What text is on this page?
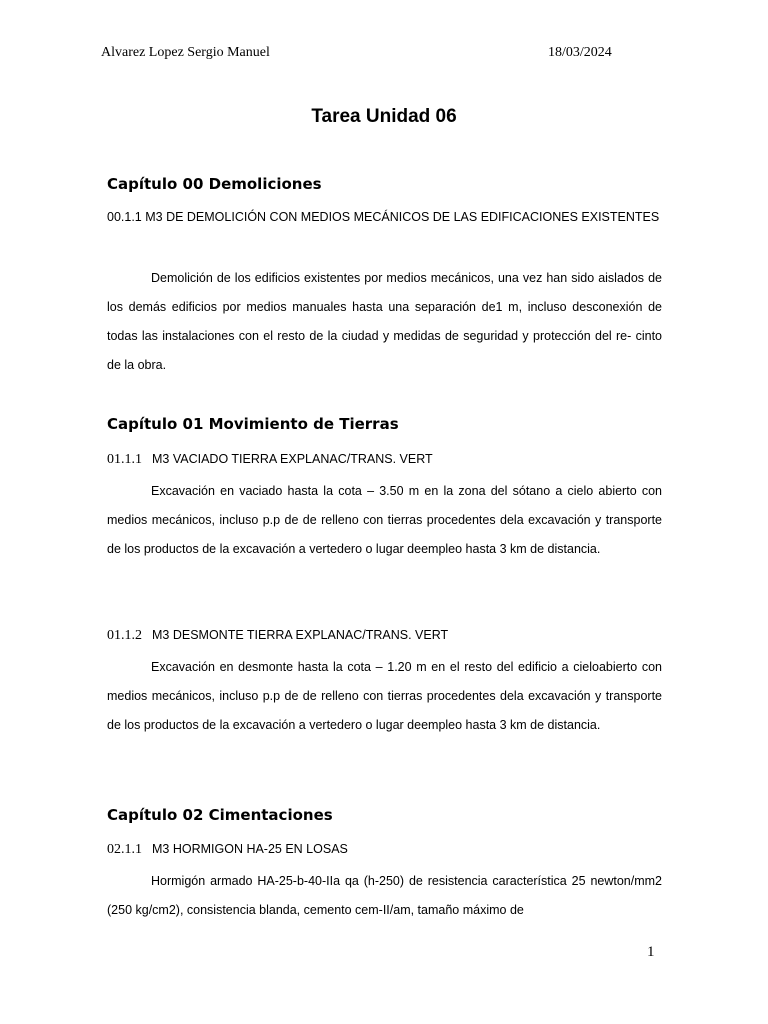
Alvarez Lopez Sergio Manuel	18/03/2024
Tarea Unidad 06
Capítulo 00 Demoliciones
00.1.1 M3 DE DEMOLICIÓN CON MEDIOS MECÁNICOS DE LAS EDIFICACIONES EXISTENTES
Demolición de los edificios existentes por medios mecánicos, una vez han sido aislados de los demás edificios por medios manuales hasta una separación de1 m, incluso desconexión de todas las instalaciones con el resto de la ciudad y medidas de seguridad y protección del re- cinto de la obra.
Capítulo 01 Movimiento de Tierras
01.1.1 M3 VACIADO TIERRA EXPLANAC/TRANS. VERT
Excavación en vaciado hasta la cota – 3.50 m en la zona del sótano a cielo abierto con medios mecánicos, incluso p.p de de relleno con tierras procedentes dela excavación y transporte de los productos de la excavación a vertedero o lugar deempleo hasta 3 km de distancia.
01.1.2 M3 DESMONTE TIERRA EXPLANAC/TRANS. VERT
Excavación en desmonte hasta la cota – 1.20 m en el resto del edificio a cieloabierto con medios mecánicos, incluso p.p de de relleno con tierras procedentes dela excavación y transporte de los productos de la excavación a vertedero o lugar deempleo hasta 3 km de distancia.
Capítulo 02 Cimentaciones
02.1.1 M3 HORMIGON HA-25 EN LOSAS
Hormigón armado HA-25-b-40-IIa qa (h-250) de resistencia característica 25 newton/mm2 (250 kg/cm2), consistencia blanda, cemento cem-II/am, tamaño máximo de
1
